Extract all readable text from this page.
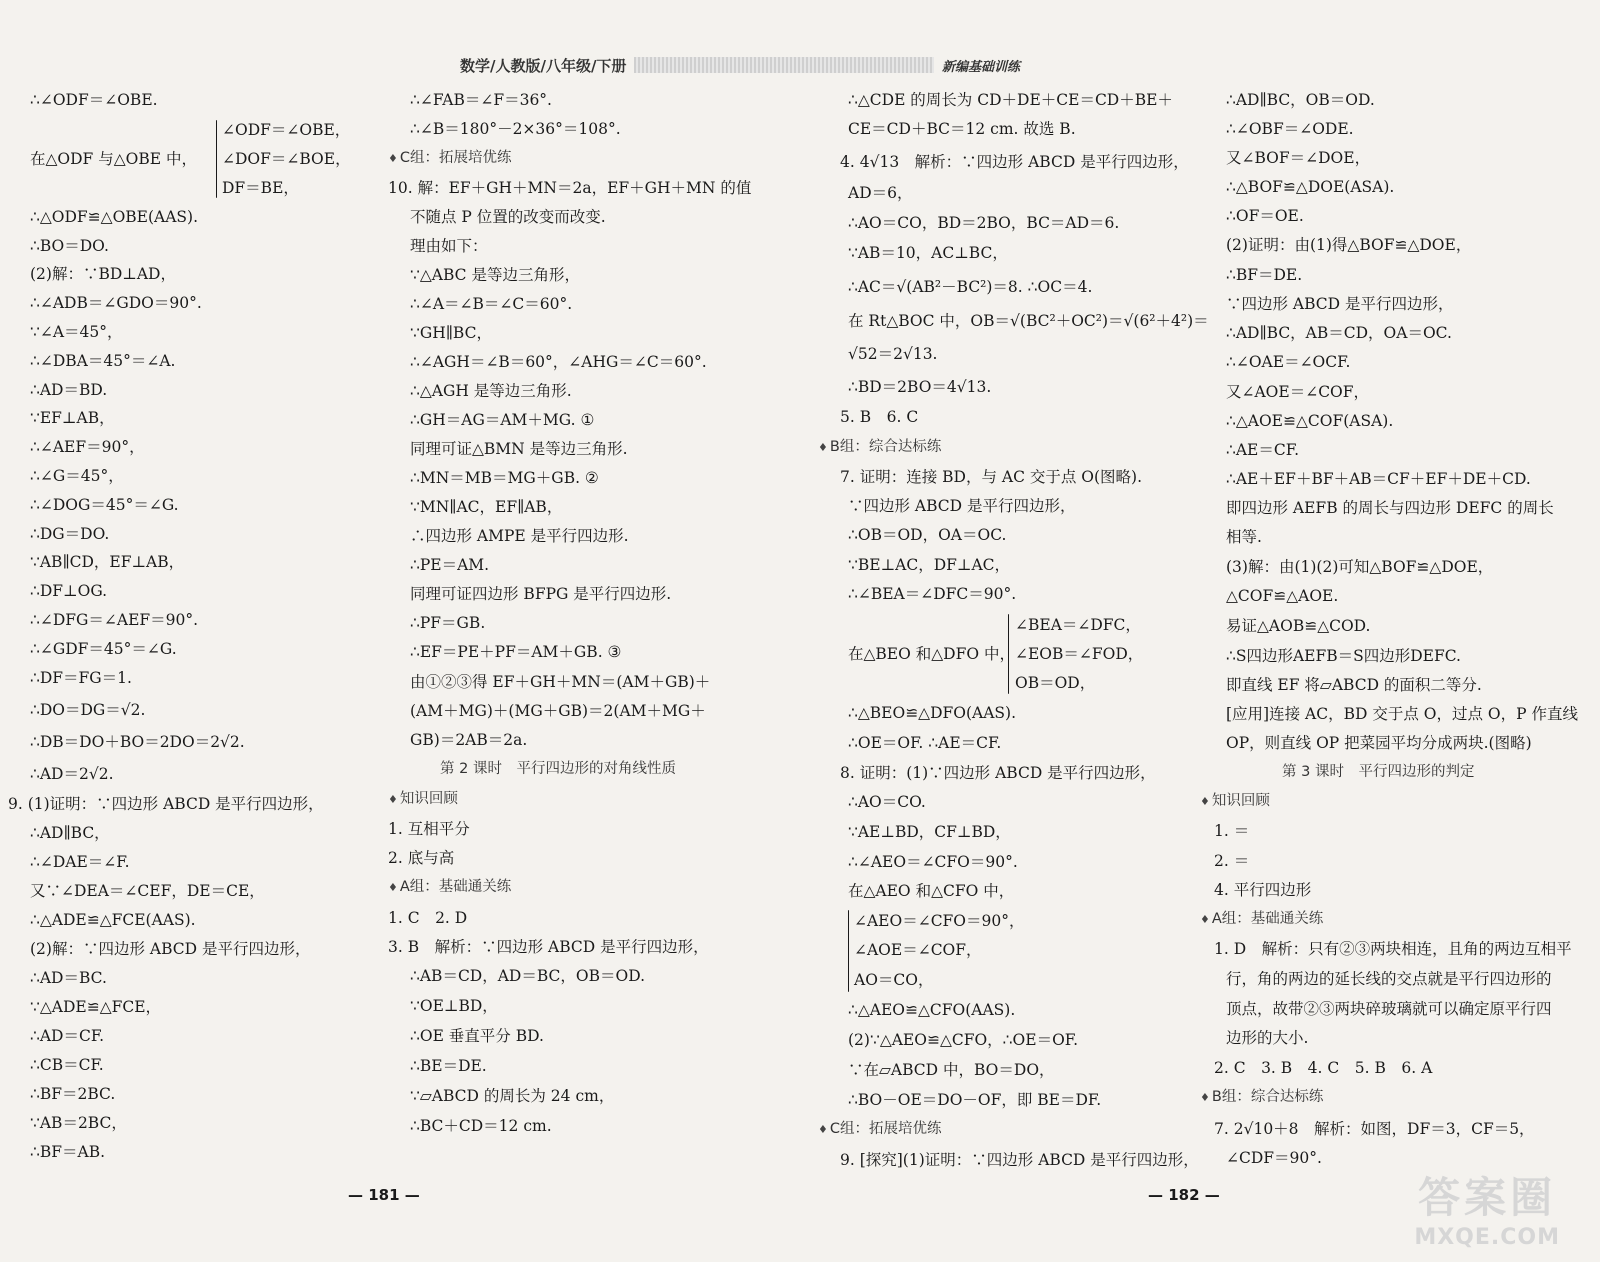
数学/人教版/八年级/下册	新编基础训练
∴∠ODF＝∠OBE.
∠ODF＝∠OBE，
在△ODF 与△OBE 中， ∠DOF＝∠BOE，
DF＝BE，
∴△ODF≌△OBE(AAS).
∴BO＝DO.
(2)解：∵BD⊥AD，
∴∠ADB＝∠GDO＝90°.
∵∠A＝45°，
∴∠DBA＝45°＝∠A.
∴AD＝BD.
∵EF⊥AB，
∴∠AEF＝90°，
∴∠G＝45°，
∴∠DOG＝45°＝∠G.
∴DG＝DO.
∵AB∥CD，EF⊥AB，
∴DF⊥OG.
∴∠DFG＝∠AEF＝90°.
∴∠GDF＝45°＝∠G.
∴DF＝FG＝1.
∴DO＝DG＝√2.
∴DB＝DO＋BO＝2DO＝2√2.
∴AD＝2√2.
9. (1)证明：∵四边形 ABCD 是平行四边形，
∴AD∥BC，
∴∠DAE＝∠F.
又∵∠DEA＝∠CEF，DE＝CE，
∴△ADE≌△FCE(AAS).
(2)解：∵四边形 ABCD 是平行四边形，
∴AD＝BC.
∵△ADE≌△FCE，
∴AD＝CF.
∴CB＝CF.
∴BF＝2BC.
∵AB＝2BC，
∴BF＝AB.
∴∠FAB＝∠F＝36°.
∴∠B＝180°－2×36°＝108°.
♦ C组：拓展培优练
10. 解：EF＋GH＋MN＝2a，EF＋GH＋MN 的值
不随点 P 位置的改变而改变.
理由如下：
∵△ABC 是等边三角形，
∴∠A＝∠B＝∠C＝60°.
∵GH∥BC，
∴∠AGH＝∠B＝60°，∠AHG＝∠C＝60°.
∴△AGH 是等边三角形.
∴GH＝AG＝AM＋MG. ①
同理可证△BMN 是等边三角形.
∴MN＝MB＝MG＋GB. ②
∵MN∥AC，EF∥AB，
∴四边形 AMPE 是平行四边形.
∴PE＝AM.
同理可证四边形 BFPG 是平行四边形.
∴PF＝GB.
∴EF＝PE＋PF＝AM＋GB. ③
由①②③得 EF＋GH＋MN＝(AM＋GB)＋
(AM＋MG)＋(MG＋GB)＝2(AM＋MG＋
GB)＝2AB＝2a.
第 2 课时　平行四边形的对角线性质
♦ 知识回顾
1. 互相平分
2. 底与高
♦ A组：基础通关练
1. C　2. D
3. B　解析：∵四边形 ABCD 是平行四边形，
∴AB＝CD，AD＝BC，OB＝OD.
∵OE⊥BD，
∴OE 垂直平分 BD.
∴BE＝DE.
∵▱ABCD 的周长为 24 cm，
∴BC＋CD＝12 cm.
∴△CDE 的周长为 CD＋DE＋CE＝CD＋BE＋
CE＝CD＋BC＝12 cm. 故选 B.
4. 4√13　解析：∵四边形 ABCD 是平行四边形，
AD＝6，
∴AO＝CO，BD＝2BO，BC＝AD＝6.
∵AB＝10，AC⊥BC，
∴AC＝√(AB²－BC²)＝8. ∴OC＝4.
在 Rt△BOC 中，OB＝√(BC²＋OC²)＝√(6²＋4²)＝
√52＝2√13.
∴BD＝2BO＝4√13.
5. B　6. C
♦ B组：综合达标练
7. 证明：连接 BD，与 AC 交于点 O(图略).
∵四边形 ABCD 是平行四边形，
∴OB＝OD，OA＝OC.
∵BE⊥AC，DF⊥AC，
∴∠BEA＝∠DFC＝90°.
∠BEA＝∠DFC，
在△BEO 和△DFO 中， ∠EOB＝∠FOD，
OB＝OD，
∴△BEO≌△DFO(AAS).
∴OE＝OF. ∴AE＝CF.
8. 证明：(1)∵四边形 ABCD 是平行四边形，
∴AO＝CO.
∵AE⊥BD，CF⊥BD，
∴∠AEO＝∠CFO＝90°.
在△AEO 和△CFO 中，
∠AEO＝∠CFO＝90°，
∠AOE＝∠COF，
AO＝CO，
∴△AEO≌△CFO(AAS).
(2)∵△AEO≌△CFO，∴OE＝OF.
∵在▱ABCD 中，BO＝DO，
∴BO－OE＝DO－OF，即 BE＝DF.
♦ C组：拓展培优练
9. [探究](1)证明：∵四边形 ABCD 是平行四边形，
∴AD∥BC，OB＝OD.
∴∠OBF＝∠ODE.
又∠BOF＝∠DOE，
∴△BOF≌△DOE(ASA).
∴OF＝OE.
(2)证明：由(1)得△BOF≌△DOE，
∴BF＝DE.
∵四边形 ABCD 是平行四边形，
∴AD∥BC，AB＝CD，OA＝OC.
∴∠OAE＝∠OCF.
又∠AOE＝∠COF，
∴△AOE≌△COF(ASA).
∴AE＝CF.
∴AE＋EF＋BF＋AB＝CF＋EF＋DE＋CD.
即四边形 AEFB 的周长与四边形 DEFC 的周长
相等.
(3)解：由(1)(2)可知△BOF≌△DOE，
△COF≌△AOE.
易证△AOB≌△COD.
∴S四边形AEFB＝S四边形DEFC.
即直线 EF 将▱ABCD 的面积二等分.
[应用]连接 AC，BD 交于点 O，过点 O，P 作直线
OP，则直线 OP 把菜园平均分成两块.(图略)
第 3 课时　平行四边形的判定
♦ 知识回顾
1. ＝
2. ＝
4. 平行四边形
♦ A组：基础通关练
1. D　解析：只有②③两块相连，且角的两边互相平
行，角的两边的延长线的交点就是平行四边形的
顶点，故带②③两块碎玻璃就可以确定原平行四
边形的大小.
2. C　3. B　4. C　5. B　6. A
♦ B组：综合达标练
7. 2√10＋8　解析：如图，DF＝3，CF＝5，
∠CDF＝90°.
— 181 —	— 182 —	答案圈
MXQE.COM
